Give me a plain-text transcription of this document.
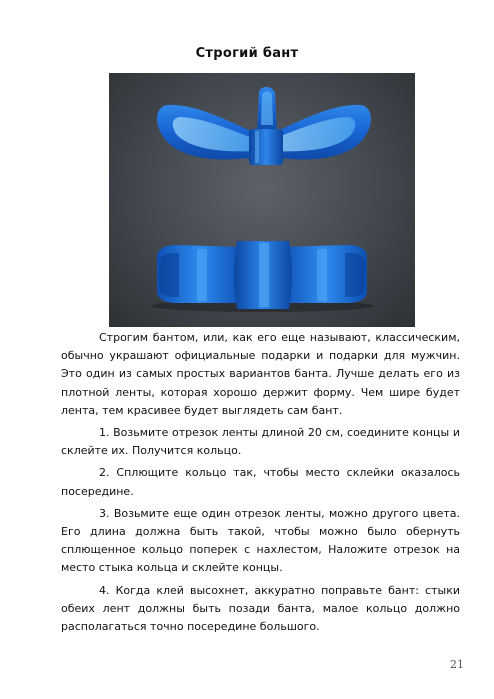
Строгий бант

Строгим бантом, или, как его еще называют, классическим, обычно украшают официальные подарки и подарки для мужчин. Это один из самых простых вариантов банта. Лучше делать его из плотной ленты, которая хорошо держит форму. Чем шире будет лента, тем красивее будет выглядеть сам бант.

1. Возьмите отрезок ленты длиной 20 см, соедините концы и склейте их. Получится кольцо.

2. Сплющите кольцо так, чтобы место склейки оказалось посередине.

3. Возьмите еще один отрезок ленты, можно другого цвета. Его длина должна быть такой, чтобы можно было обернуть сплющенное кольцо поперек с нахлестом, Наложите отрезок на место стыка кольца и склейте концы.

4. Когда клей высохнет, аккуратно поправьте бант: стыки обеих лент должны быть позади банта, малое кольцо должно располагаться точно посередине большого.

21
